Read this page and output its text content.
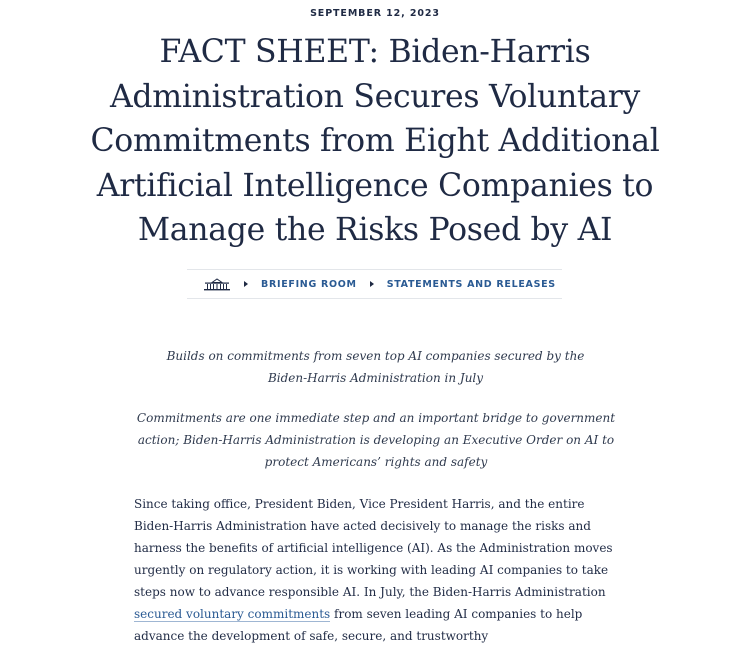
SEPTEMBER 12, 2023
FACT SHEET: Biden-Harris Administration Secures Voluntary Commitments from Eight Additional Artificial Intelligence Companies to Manage the Risks Posed by AI
BRIEFING ROOM	STATEMENTS AND RELEASES

Builds on commitments from seven top AI companies secured by the Biden-Harris Administration in July

Commitments are one immediate step and an important bridge to government action; Biden-Harris Administration is developing an Executive Order on AI to protect Americans’ rights and safety

Since taking office, President Biden, Vice President Harris, and the entire Biden-Harris Administration have acted decisively to manage the risks and harness the benefits of artificial intelligence (AI). As the Administration moves urgently on regulatory action, it is working with leading AI companies to take steps now to advance responsible AI. In July, the Biden-Harris Administration secured voluntary commitments from seven leading AI companies to help advance the development of safe, secure, and trustworthy
